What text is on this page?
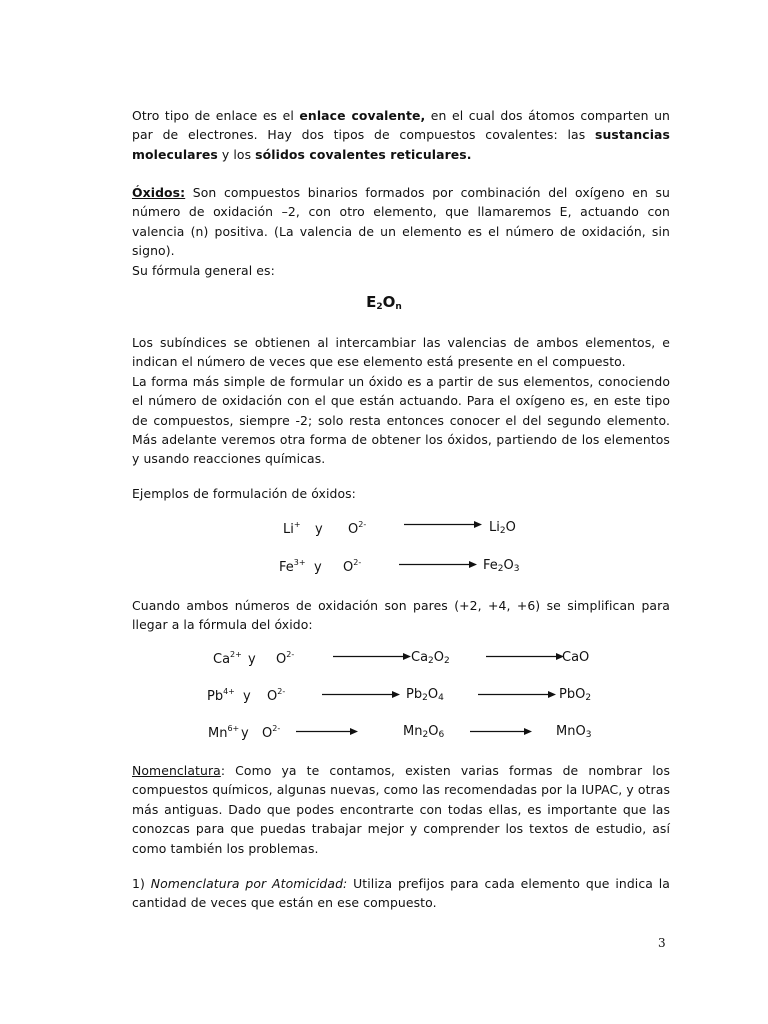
Otro tipo de enlace es el enlace covalente, en el cual dos átomos comparten un par de electrones. Hay dos tipos de compuestos covalentes: las sustancias moleculares y los sólidos covalentes reticulares.

Óxidos: Son compuestos binarios formados por combinación del oxígeno en su número de oxidación –2, con otro elemento, que llamaremos E, actuando con valencia (n) positiva. (La valencia de un elemento es el número de oxidación, sin signo).

Su fórmula general es:

$E_2O_n$

Los subíndices se obtienen al intercambiar las valencias de ambos elementos, e indican el número de veces que ese elemento está presente en el compuesto.

La forma más simple de formular un óxido es a partir de sus elementos, conociendo el número de oxidación con el que están actuando. Para el oxígeno es, en este tipo de compuestos, siempre -2; solo resta entonces conocer el del segundo elemento. Más adelante veremos otra forma de obtener los óxidos, partiendo de los elementos y usando reacciones químicas.

Ejemplos de formulación de óxidos:

Li+ y $O^{2-}$	$Li_2O$
$Fe^{3+}$ y $O^{2-}$	$Fe_2O_3$

Cuando ambos números de oxidación son pares (+2, +4, +6) se simplifican para llegar a la fórmula del óxido:

$Ca^{2+}$ y $O^{2-}$	$Ca_2O_2$	CaO
$Pb^{4+}$ y $O^{2-}$	$Pb_2O_4$	PbO$_2$
$Mn^{6+}$ y $O^{2-}$	$Mn_2O_6$	MnO$_3$

Nomenclatura: Como ya te contamos, existen varias formas de nombrar los compuestos químicos, algunas nuevas, como las recomendadas por la IUPAC, y otras más antiguas. Dado que podes encontrarte con todas ellas, es importante que las conozcas para que puedas trabajar mejor y comprender los textos de estudio, así como también los problemas.

1) Nomenclatura por Atomicidad: Utiliza prefijos para cada elemento que indica la cantidad de veces que están en ese compuesto.

3
